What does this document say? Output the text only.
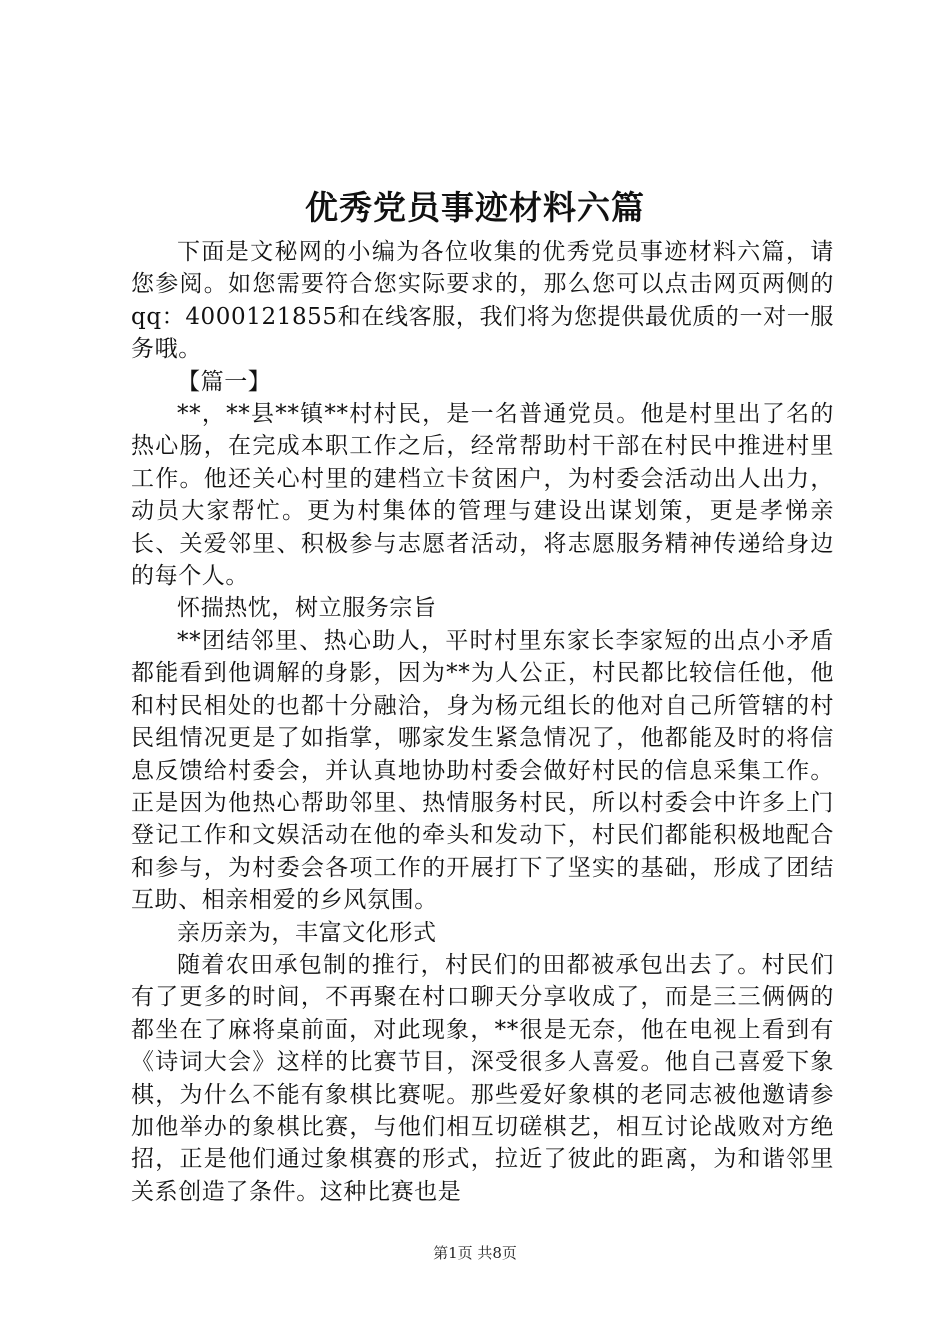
优秀党员事迹材料六篇

下面是文秘网的小编为各位收集的优秀党员事迹材料六篇，请您参阅。如您需要符合您实际要求的，那么您可以点击网页两侧的qq：4000121855和在线客服，我们将为您提供最优质的一对一服务哦。

【篇一】

**，**县**镇**村村民，是一名普通党员。他是村里出了名的热心肠，在完成本职工作之后，经常帮助村干部在村民中推进村里工作。他还关心村里的建档立卡贫困户，为村委会活动出人出力，动员大家帮忙。更为村集体的管理与建设出谋划策，更是孝悌亲长、关爱邻里、积极参与志愿者活动，将志愿服务精神传递给身边的每个人。

怀揣热忱，树立服务宗旨

**团结邻里、热心助人，平时村里东家长李家短的出点小矛盾都能看到他调解的身影，因为**为人公正，村民都比较信任他，他和村民相处的也都十分融洽，身为杨元组长的他对自己所管辖的村民组情况更是了如指掌，哪家发生紧急情况了，他都能及时的将信息反馈给村委会，并认真地协助村委会做好村民的信息采集工作。正是因为他热心帮助邻里、热情服务村民，所以村委会中许多上门登记工作和文娱活动在他的牵头和发动下，村民们都能积极地配合和参与，为村委会各项工作的开展打下了坚实的基础，形成了团结互助、相亲相爱的乡风氛围。

亲历亲为，丰富文化形式

随着农田承包制的推行，村民们的田都被承包出去了。村民们有了更多的时间，不再聚在村口聊天分享收成了，而是三三俩俩的都坐在了麻将桌前面，对此现象，**很是无奈，他在电视上看到有《诗词大会》这样的比赛节目，深受很多人喜爱。他自己喜爱下象棋，为什么不能有象棋比赛呢。那些爱好象棋的老同志被他邀请参加他举办的象棋比赛，与他们相互切磋棋艺，相互讨论战败对方绝招，正是他们通过象棋赛的形式，拉近了彼此的距离，为和谐邻里关系创造了条件。这种比赛也是

第1页 共8页
